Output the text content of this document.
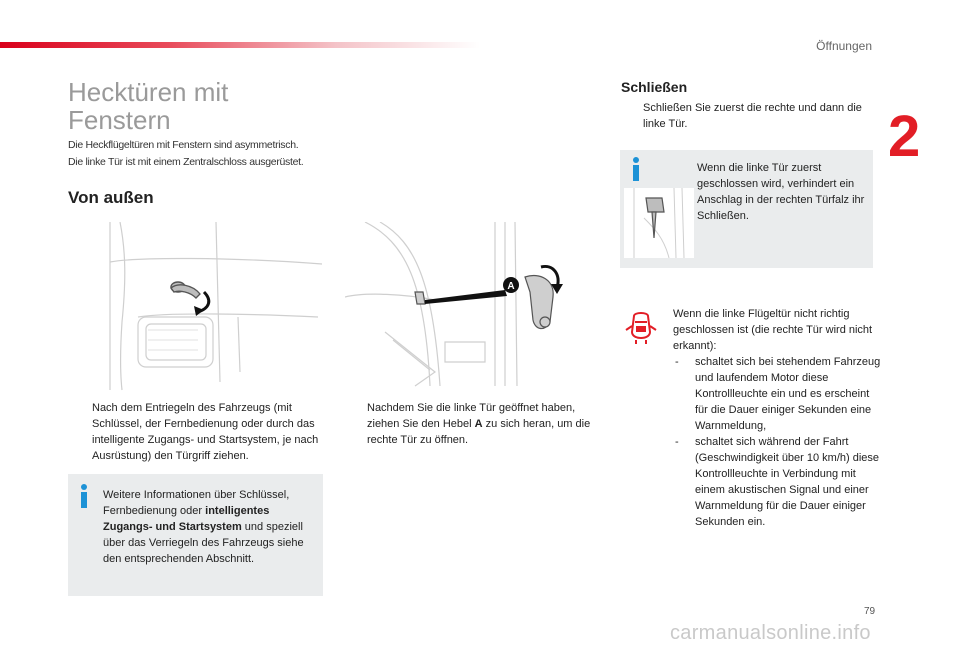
Öffnungen
2
Hecktüren mit Fenstern
Die Heckflügeltüren mit Fenstern sind asymmetrisch.
Die linke Tür ist mit einem Zentralschloss ausgerüstet.
Von außen
A
Nach dem Entriegeln des Fahrzeugs (mit Schlüssel, der Fernbedienung oder durch das intelligente Zugangs- und Startsystem, je nach Ausrüstung) den Türgriff ziehen.
Nachdem Sie die linke Tür geöffnet haben, ziehen Sie den Hebel A zu sich heran, um die rechte Tür zu öffnen.
Weitere Informationen über Schlüssel, Fernbedienung oder intelligentes Zugangs- und Startsystem und speziell über das Verriegeln des Fahrzeugs siehe den entsprechenden Abschnitt.
Schließen
Schließen Sie zuerst die rechte und dann die linke Tür.
Wenn die linke Tür zuerst geschlossen wird, verhindert ein Anschlag in der rechten Türfalz ihr Schließen.
Wenn die linke Flügeltür nicht richtig geschlossen ist (die rechte Tür wird nicht erkannt):
- schaltet sich bei stehendem Fahrzeug und laufendem Motor diese Kontrollleuchte ein und es erscheint für die Dauer einiger Sekunden eine Warnmeldung,
- schaltet sich während der Fahrt (Geschwindigkeit über 10 km/h) diese Kontrollleuchte in Verbindung mit einem akustischen Signal und einer Warnmeldung für die Dauer einiger Sekunden ein.
79
carmanualsonline.info
